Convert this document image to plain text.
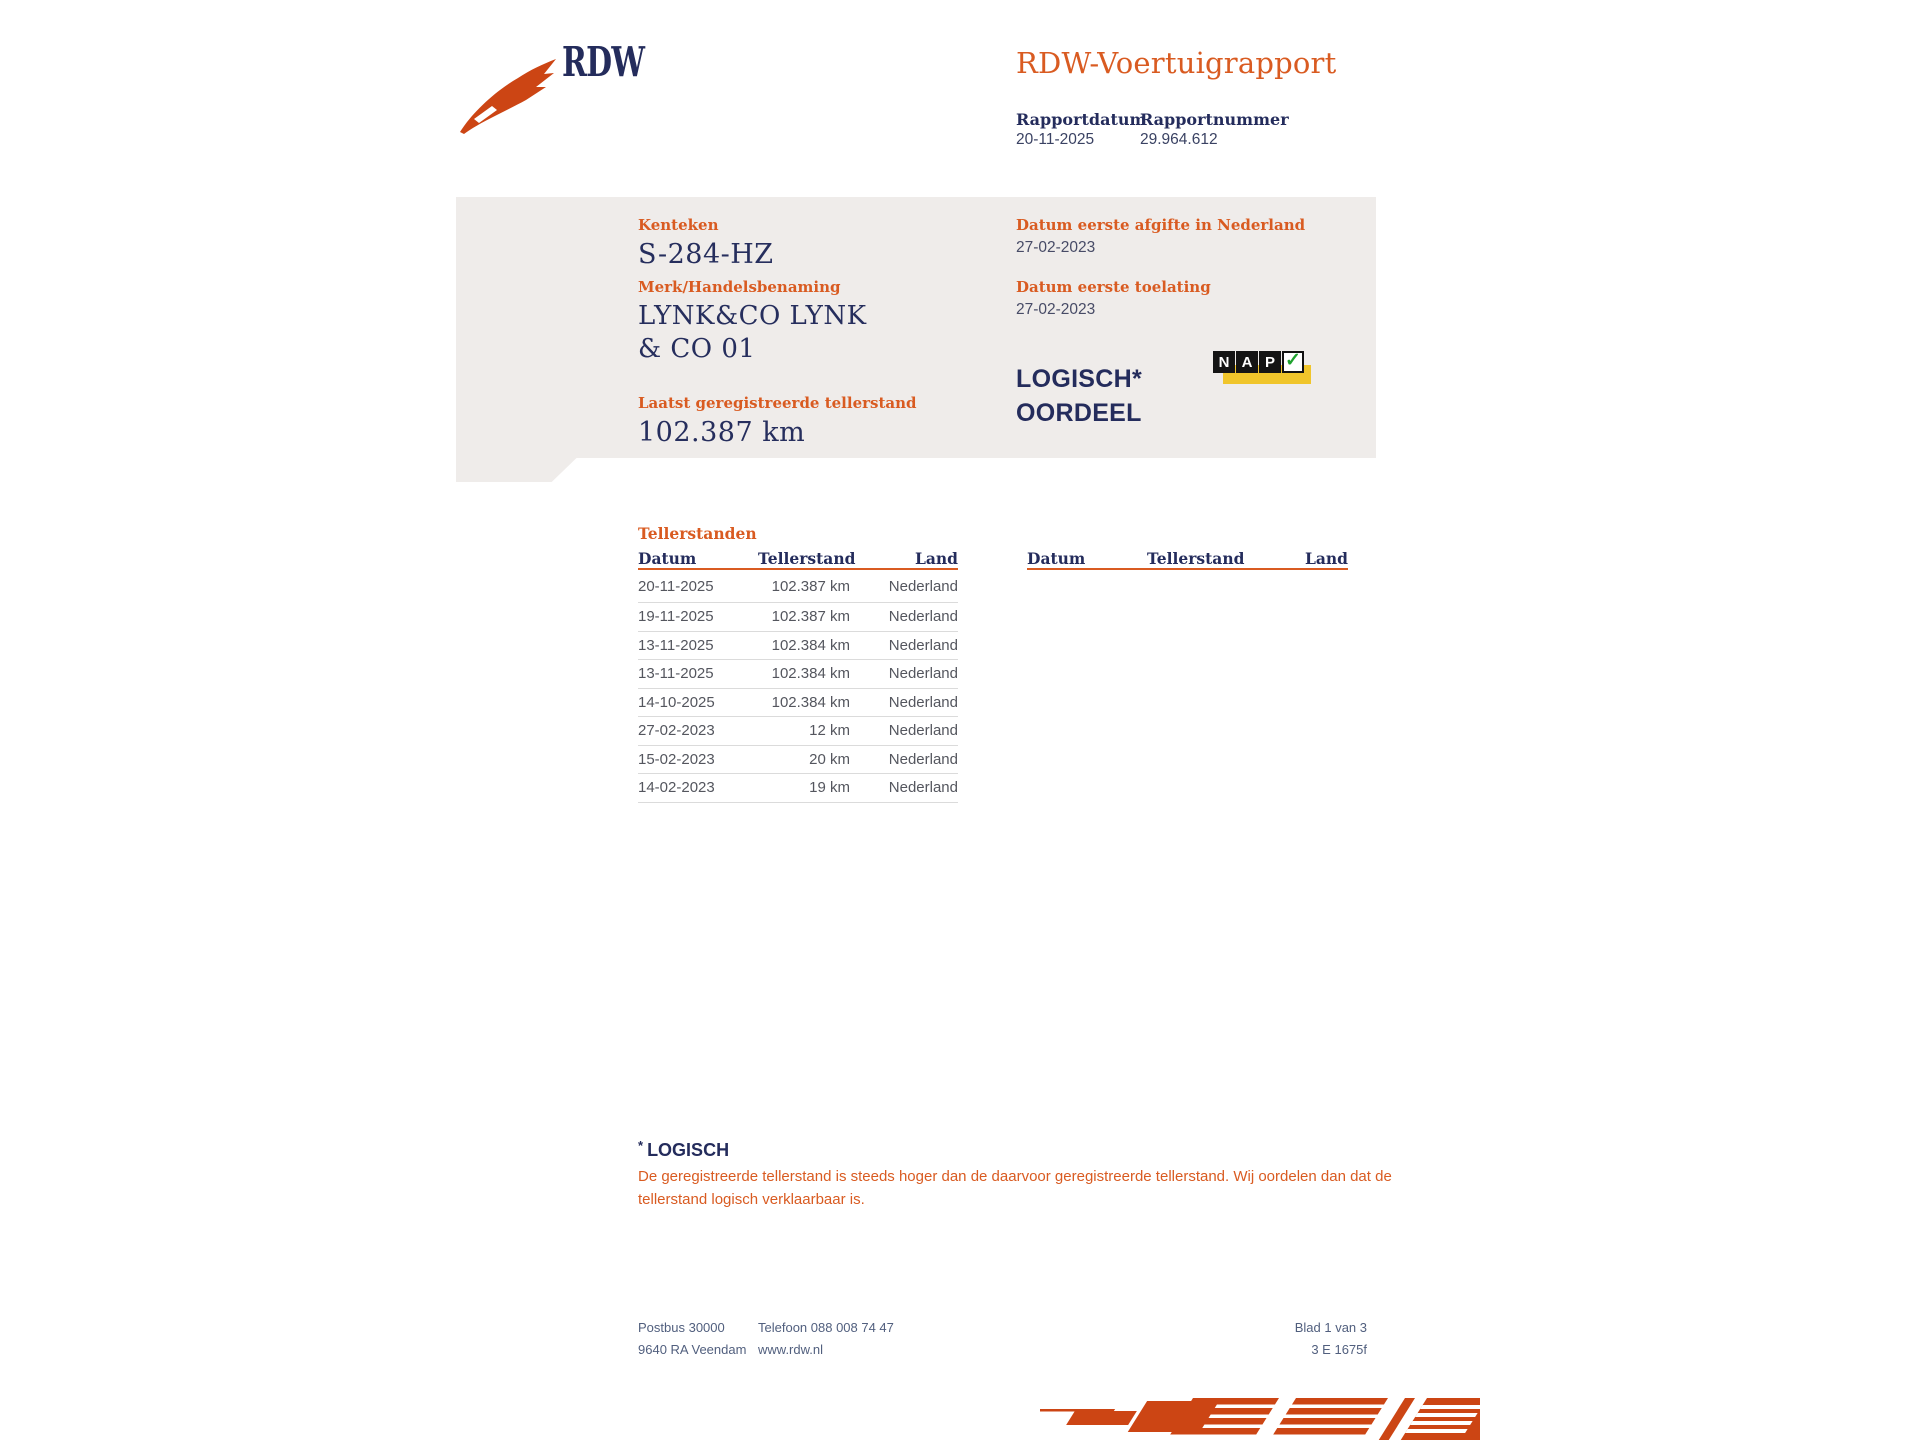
RDW	RDW-Voertuigrapport
Rapportdatum
Rapportnummer
20-11-2025	29.964.612
Kenteken
S-284-HZ
Merk/Handelsbenaming
LYNK&CO LYNK & CO 01
Laatst geregistreerde tellerstand
102.387 km
Datum eerste afgifte in Nederland
27-02-2023
Datum eerste toelating
27-02-2023
LOGISCH*
OORDEEL
N A P ✓
Tellerstanden
Datum	Tellerstand	Land
20-11-2025	102.387 km	Nederland
19-11-2025	102.387 km	Nederland
13-11-2025	102.384 km	Nederland
13-11-2025	102.384 km	Nederland
14-10-2025	102.384 km	Nederland
27-02-2023	12 km	Nederland
15-02-2023	20 km	Nederland
14-02-2023	19 km	Nederland
Datum	Tellerstand	Land
* LOGISCH
De geregistreerde tellerstand is steeds hoger dan de daarvoor geregistreerde tellerstand. Wij oordelen dan dat de tellerstand logisch verklaarbaar is.
Postbus 30000
9640 RA Veendam
Telefoon 088 008 74 47
www.rdw.nl
Blad 1 van 3
3 E 1675f
